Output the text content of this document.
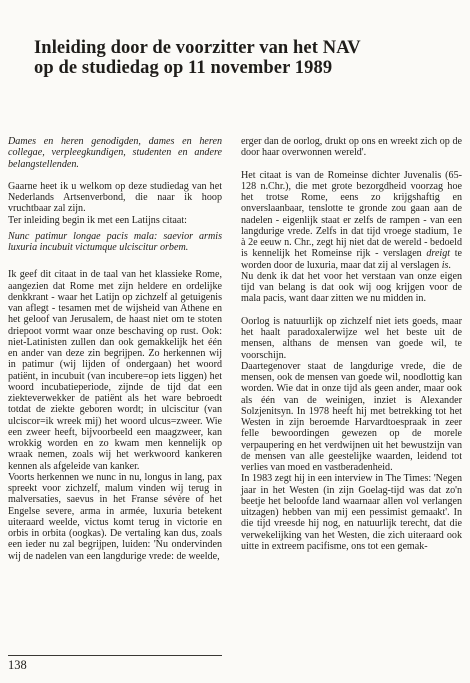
Inleiding door de voorzitter van het NAV
op de studiedag op 11 november 1989

Dames en heren genodigden, dames en heren collegae, verpleegkundigen, studenten en andere belangstellenden.

Gaarne heet ik u welkom op deze studiedag van het Nederlands Artsenverbond, die naar ik hoop vruchtbaar zal zijn.

Ter inleiding begin ik met een Latijns citaat:

Nunc patimur longae pacis mala: saevior armis luxuria incubuit victumque ulciscitur orbem.

Ik geef dit citaat in de taal van het klassieke Rome, aangezien dat Rome met zijn heldere en ordelijke denkkrant - waar het Latijn op zichzelf al getuigenis van aflegt - tesamen met de wijsheid van Athene en het geloof van Jerusalem, de haast niet om te stoten driepoot vormt waar onze beschaving op rust. Ook: niet-Latinisten zullen dan ook gemakkelijk het één en ander van deze zin begrijpen. Zo herkennen wij in patimur (wij lijden of ondergaan) het woord patiënt, in incubuit (van incubere=op iets liggen) het woord incubatieperiode, zijnde de tijd dat een ziekteverwekker de patiënt als het ware bebroedt totdat de ziekte geboren wordt; in ulciscitur (van ulciscor=ik wreek mij) het woord ulcus=zweer. Wie een zweer heeft, bijvoorbeeld een maagzweer, kan wrokkig worden en zo kwam men kennelijk op wraak nemen, zoals wij het werkwoord kankeren kennen als afgeleide van kanker.

Voorts herkennen we nunc in nu, longus in lang, pax spreekt voor zichzelf, malum vinden wij terug in malversaties, saevus in het Franse sévère of het Engelse severe, arma in armée, luxuria betekent uiteraard weelde, victus komt terug in victorie en orbis in orbita (oogkas). De vertaling kan dus, zoals een ieder nu zal begrijpen, luiden: 'Nu ondervinden wij de nadelen van een langdurige vrede: de weelde,

erger dan de oorlog, drukt op ons en wreekt zich op de door haar overwonnen wereld'.

Het citaat is van de Romeinse dichter Juvenalis (65-128 n.Chr.), die met grote bezorgdheid voorzag hoe het trotse Rome, eens zo krijgshaftig en onverslaanbaar, tenslotte te gronde zou gaan aan de nadelen - eigenlijk staat er zelfs de rampen - van een langdurige vrede. Zelfs in dat tijd vroege stadium, 1e à 2e eeuw n. Chr., zegt hij niet dat de wereld - bedoeld is kennelijk het Romeinse rijk - verslagen dreigt te worden door de luxuria, maar dat zij al verslagen is.

Nu denk ik dat het voor het verstaan van onze eigen tijd van belang is dat ook wij oog krijgen voor de mala pacis, want daar zitten we nu midden in.

Oorlog is natuurlijk op zichzelf niet iets goeds, maar het haalt paradoxalerwijze wel het beste uit de mensen, althans de mensen van goede wil, te voorschijn.

Daartegenover staat de langdurige vrede, die de mensen, ook de mensen van goede wil, noodlottig kan worden. Wie dat in onze tijd als geen ander, maar ook als één van de weinigen, inziet is Alexander Solzjenitsyn. In 1978 heeft hij met betrekking tot het Westen in zijn beroemde Harvardtoespraak in zeer felle bewoordingen gewezen op de morele verpaupering en het verdwijnen uit het bewustzijn van de mensen van alle geestelijke waarden, leidend tot verlies van moed en vastberadenheid.

In 1983 zegt hij in een interview in The Times: 'Negen jaar in het Westen (in zijn Goelag-tijd was dat zo'n beetje het beloofde land waarnaar allen vol verlangen uitzagen) hebben van mij een pessimist gemaakt'. In die tijd vreesde hij nog, en natuurlijk terecht, dat die verwekelijking van het Westen, die zich uiteraard ook uitte in extreem pacifisme, ons tot een gemak-

138
